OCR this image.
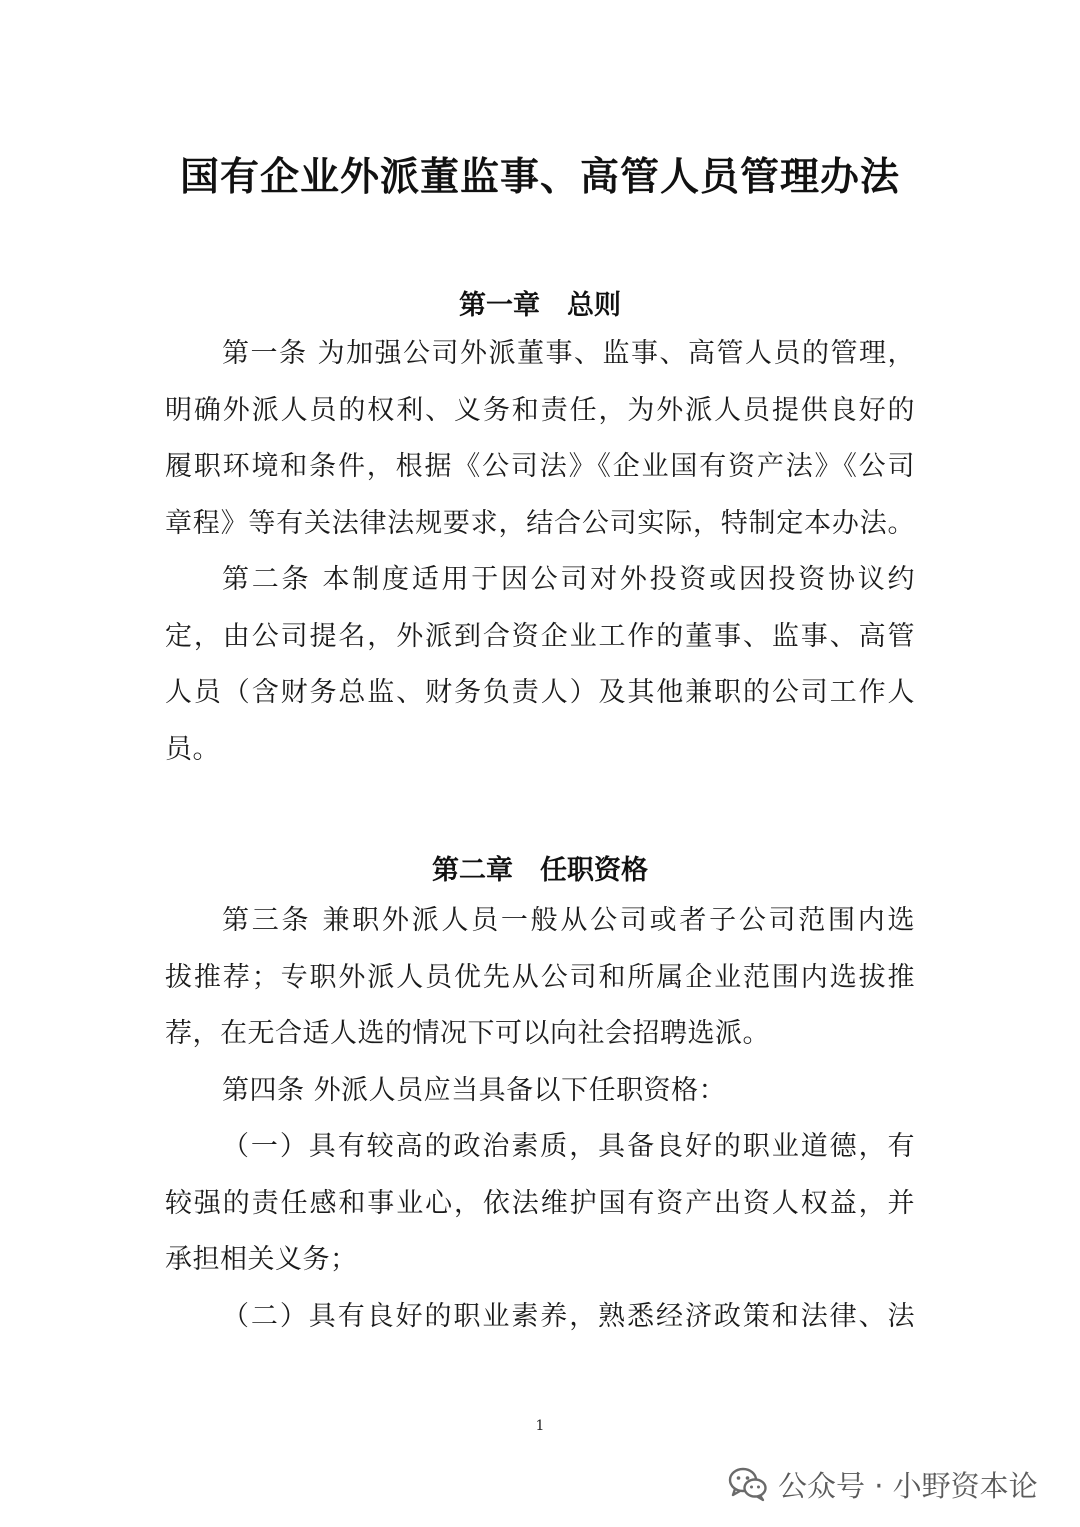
国有企业外派董监事、高管人员管理办法
第一章　总则
第一条 为加强公司外派董事、监事、高管人员的管理，
明确外派人员的权利、义务和责任，为外派人员提供良好的
履职环境和条件，根据《公司法》《企业国有资产法》《公司
章程》等有关法律法规要求，结合公司实际，特制定本办法。
第二条 本制度适用于因公司对外投资或因投资协议约
定，由公司提名，外派到合资企业工作的董事、监事、高管
人员（含财务总监、财务负责人）及其他兼职的公司工作人
员。
第二章　任职资格
第三条 兼职外派人员一般从公司或者子公司范围内选
拔推荐；专职外派人员优先从公司和所属企业范围内选拔推
荐，在无合适人选的情况下可以向社会招聘选派。
第四条 外派人员应当具备以下任职资格：
（一）具有较高的政治素质，具备良好的职业道德，有
较强的责任感和事业心，依法维护国有资产出资人权益，并
承担相关义务；
（二）具有良好的职业素养，熟悉经济政策和法律、法
1
公众号 · 小野资本论
